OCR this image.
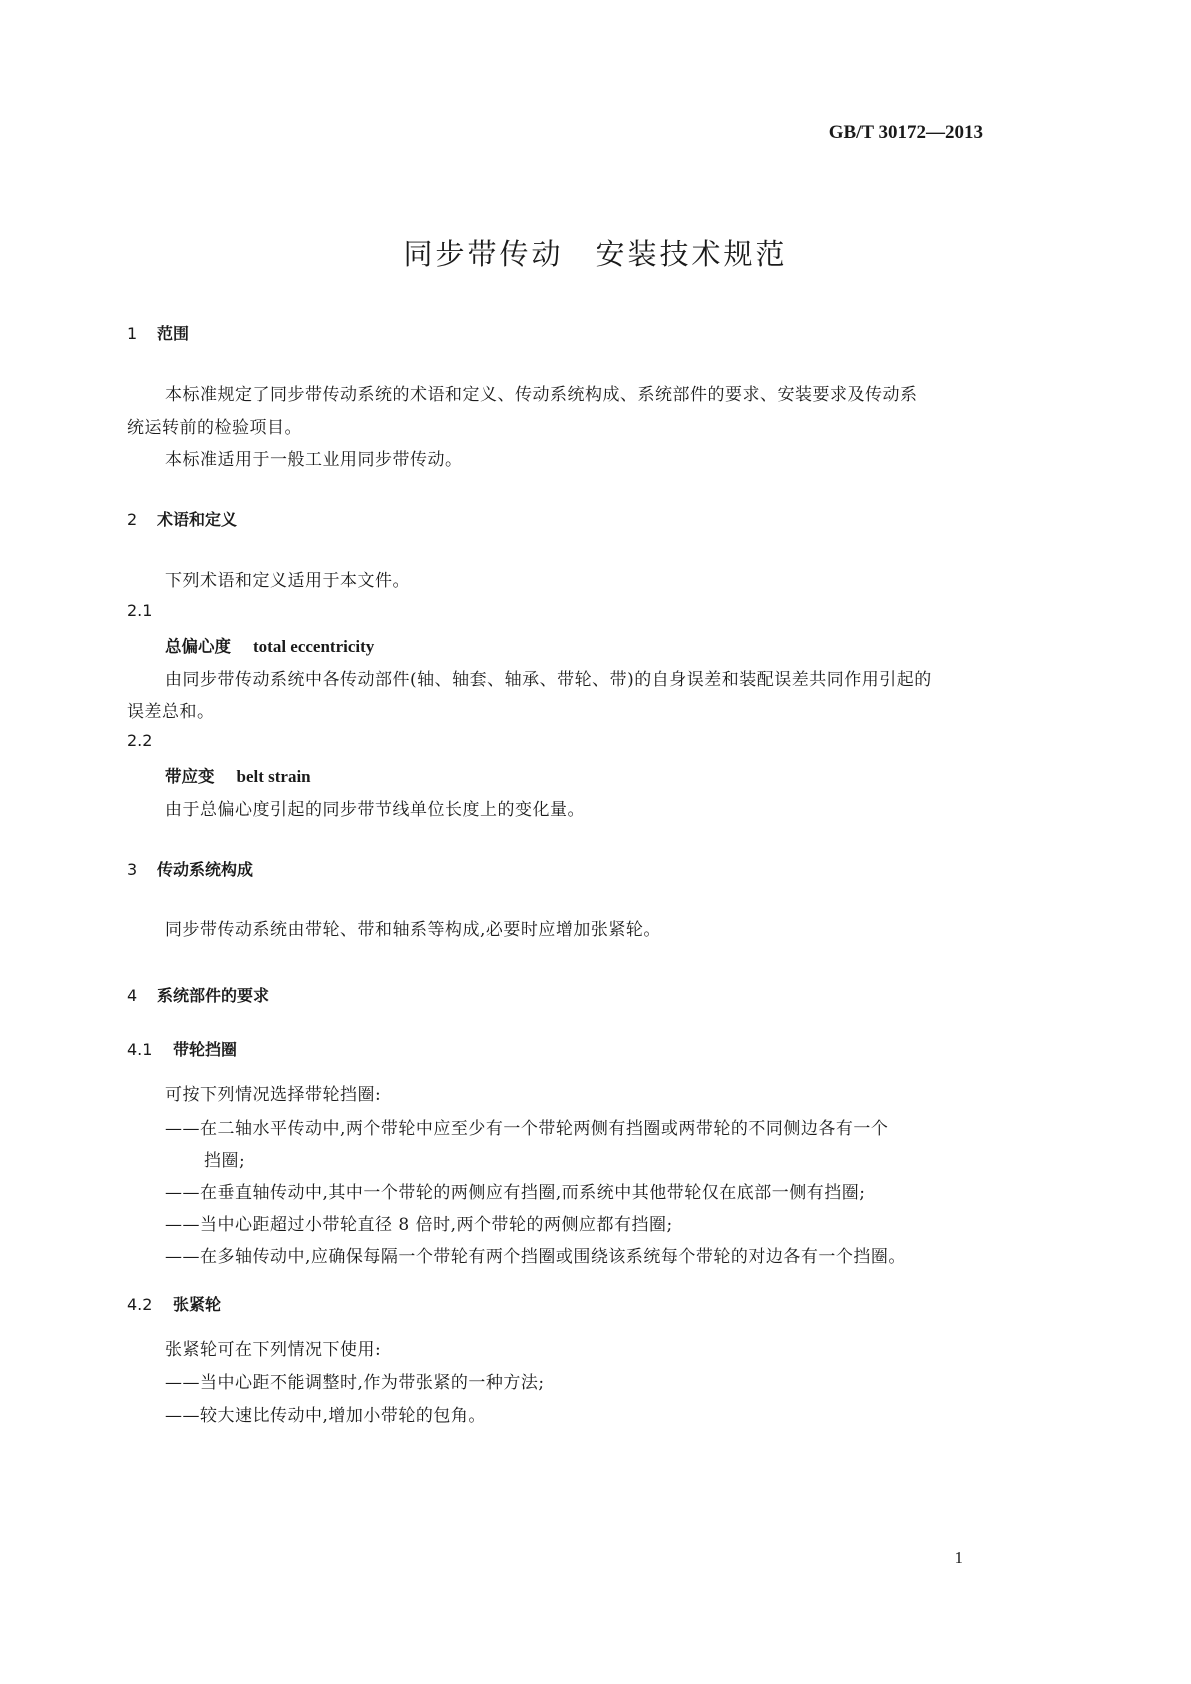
GB/T 30172—2013
同步带传动　安装技术规范
1 范围
本标准规定了同步带传动系统的术语和定义、传动系统构成、系统部件的要求、安装要求及传动系
统运转前的检验项目。
本标准适用于一般工业用同步带传动。
2 术语和定义
下列术语和定义适用于本文件。
2.1
总偏心度 total eccentricity
由同步带传动系统中各传动部件(轴、轴套、轴承、带轮、带)的自身误差和装配误差共同作用引起的
误差总和。
2.2
带应变 belt strain
由于总偏心度引起的同步带节线单位长度上的变化量。
3 传动系统构成
同步带传动系统由带轮、带和轴系等构成,必要时应增加张紧轮。
4 系统部件的要求
4.1 带轮挡圈
可按下列情况选择带轮挡圈:
——在二轴水平传动中,两个带轮中应至少有一个带轮两侧有挡圈或两带轮的不同侧边各有一个
挡圈;
——在垂直轴传动中,其中一个带轮的两侧应有挡圈,而系统中其他带轮仅在底部一侧有挡圈;
——当中心距超过小带轮直径 8 倍时,两个带轮的两侧应都有挡圈;
——在多轴传动中,应确保每隔一个带轮有两个挡圈或围绕该系统每个带轮的对边各有一个挡圈。
4.2 张紧轮
张紧轮可在下列情况下使用:
——当中心距不能调整时,作为带张紧的一种方法;
——较大速比传动中,增加小带轮的包角。
1
